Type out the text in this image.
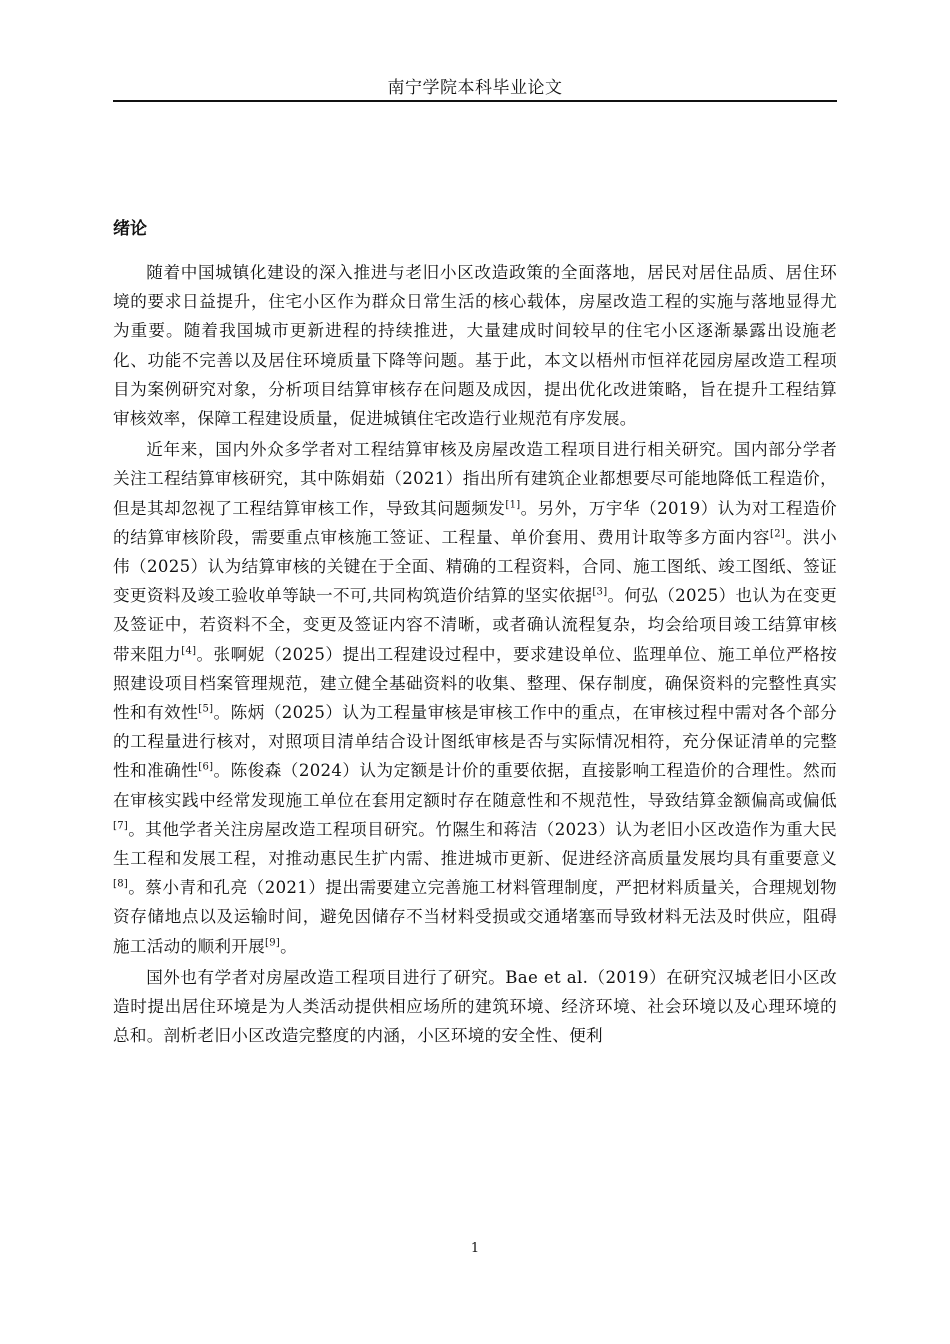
南宁学院本科毕业论文
绪论

随着中国城镇化建设的深入推进与老旧小区改造政策的全面落地，居民对居住品质、居住环境的要求日益提升，住宅小区作为群众日常生活的核心载体，房屋改造工程的实施与落地显得尤为重要。随着我国城市更新进程的持续推进，大量建成时间较早的住宅小区逐渐暴露出设施老化、功能不完善以及居住环境质量下降等问题。基于此，本文以梧州市恒祥花园房屋改造工程项目为案例研究对象，分析项目结算审核存在问题及成因，提出优化改进策略，旨在提升工程结算审核效率，保障工程建设质量，促进城镇住宅改造行业规范有序发展。

近年来，国内外众多学者对工程结算审核及房屋改造工程项目进行相关研究。国内部分学者关注工程结算审核研究，其中陈娟茹（2021）指出所有建筑企业都想要尽可能地降低工程造价，但是其却忽视了工程结算审核工作，导致其问题频发[1]。另外，万宇华（2019）认为对工程造价的结算审核阶段，需要重点审核施工签证、工程量、单价套用、费用计取等多方面内容[2]。洪小伟（2025）认为结算审核的关键在于全面、精确的工程资料，合同、施工图纸、竣工图纸、签证变更资料及竣工验收单等缺一不可,共同构筑造价结算的坚实依据[3]。何弘（2025）也认为在变更及签证中，若资料不全，变更及签证内容不清晰，或者确认流程复杂，均会给项目竣工结算审核带来阻力[4]。张啊妮（2025）提出工程建设过程中，要求建设单位、监理单位、施工单位严格按照建设项目档案管理规范，建立健全基础资料的收集、整理、保存制度，确保资料的完整性真实性和有效性[5]。陈炳（2025）认为工程量审核是审核工作中的重点，在审核过程中需对各个部分的工程量进行核对，对照项目清单结合设计图纸审核是否与实际情况相符，充分保证清单的完整性和准确性[6]。陈俊森（2024）认为定额是计价的重要依据，直接影响工程造价的合理性。然而在审核实践中经常发现施工单位在套用定额时存在随意性和不规范性，导致结算金额偏高或偏低[7]。其他学者关注房屋改造工程项目研究。竹隰生和蒋洁（2023）认为老旧小区改造作为重大民生工程和发展工程，对推动惠民生扩内需、推进城市更新、促进经济高质量发展均具有重要意义[8]。蔡小青和孔亮（2021）提出需要建立完善施工材料管理制度，严把材料质量关，合理规划物资存储地点以及运输时间，避免因储存不当材料受损或交通堵塞而导致材料无法及时供应，阻碍施工活动的顺利开展[9]。

国外也有学者对房屋改造工程项目进行了研究。Bae et al.（2019）在研究汉城老旧小区改造时提出居住环境是为人类活动提供相应场所的建筑环境、经济环境、社会环境以及心理环境的总和。剖析老旧小区改造完整度的内涵，小区环境的安全性、便利

1
